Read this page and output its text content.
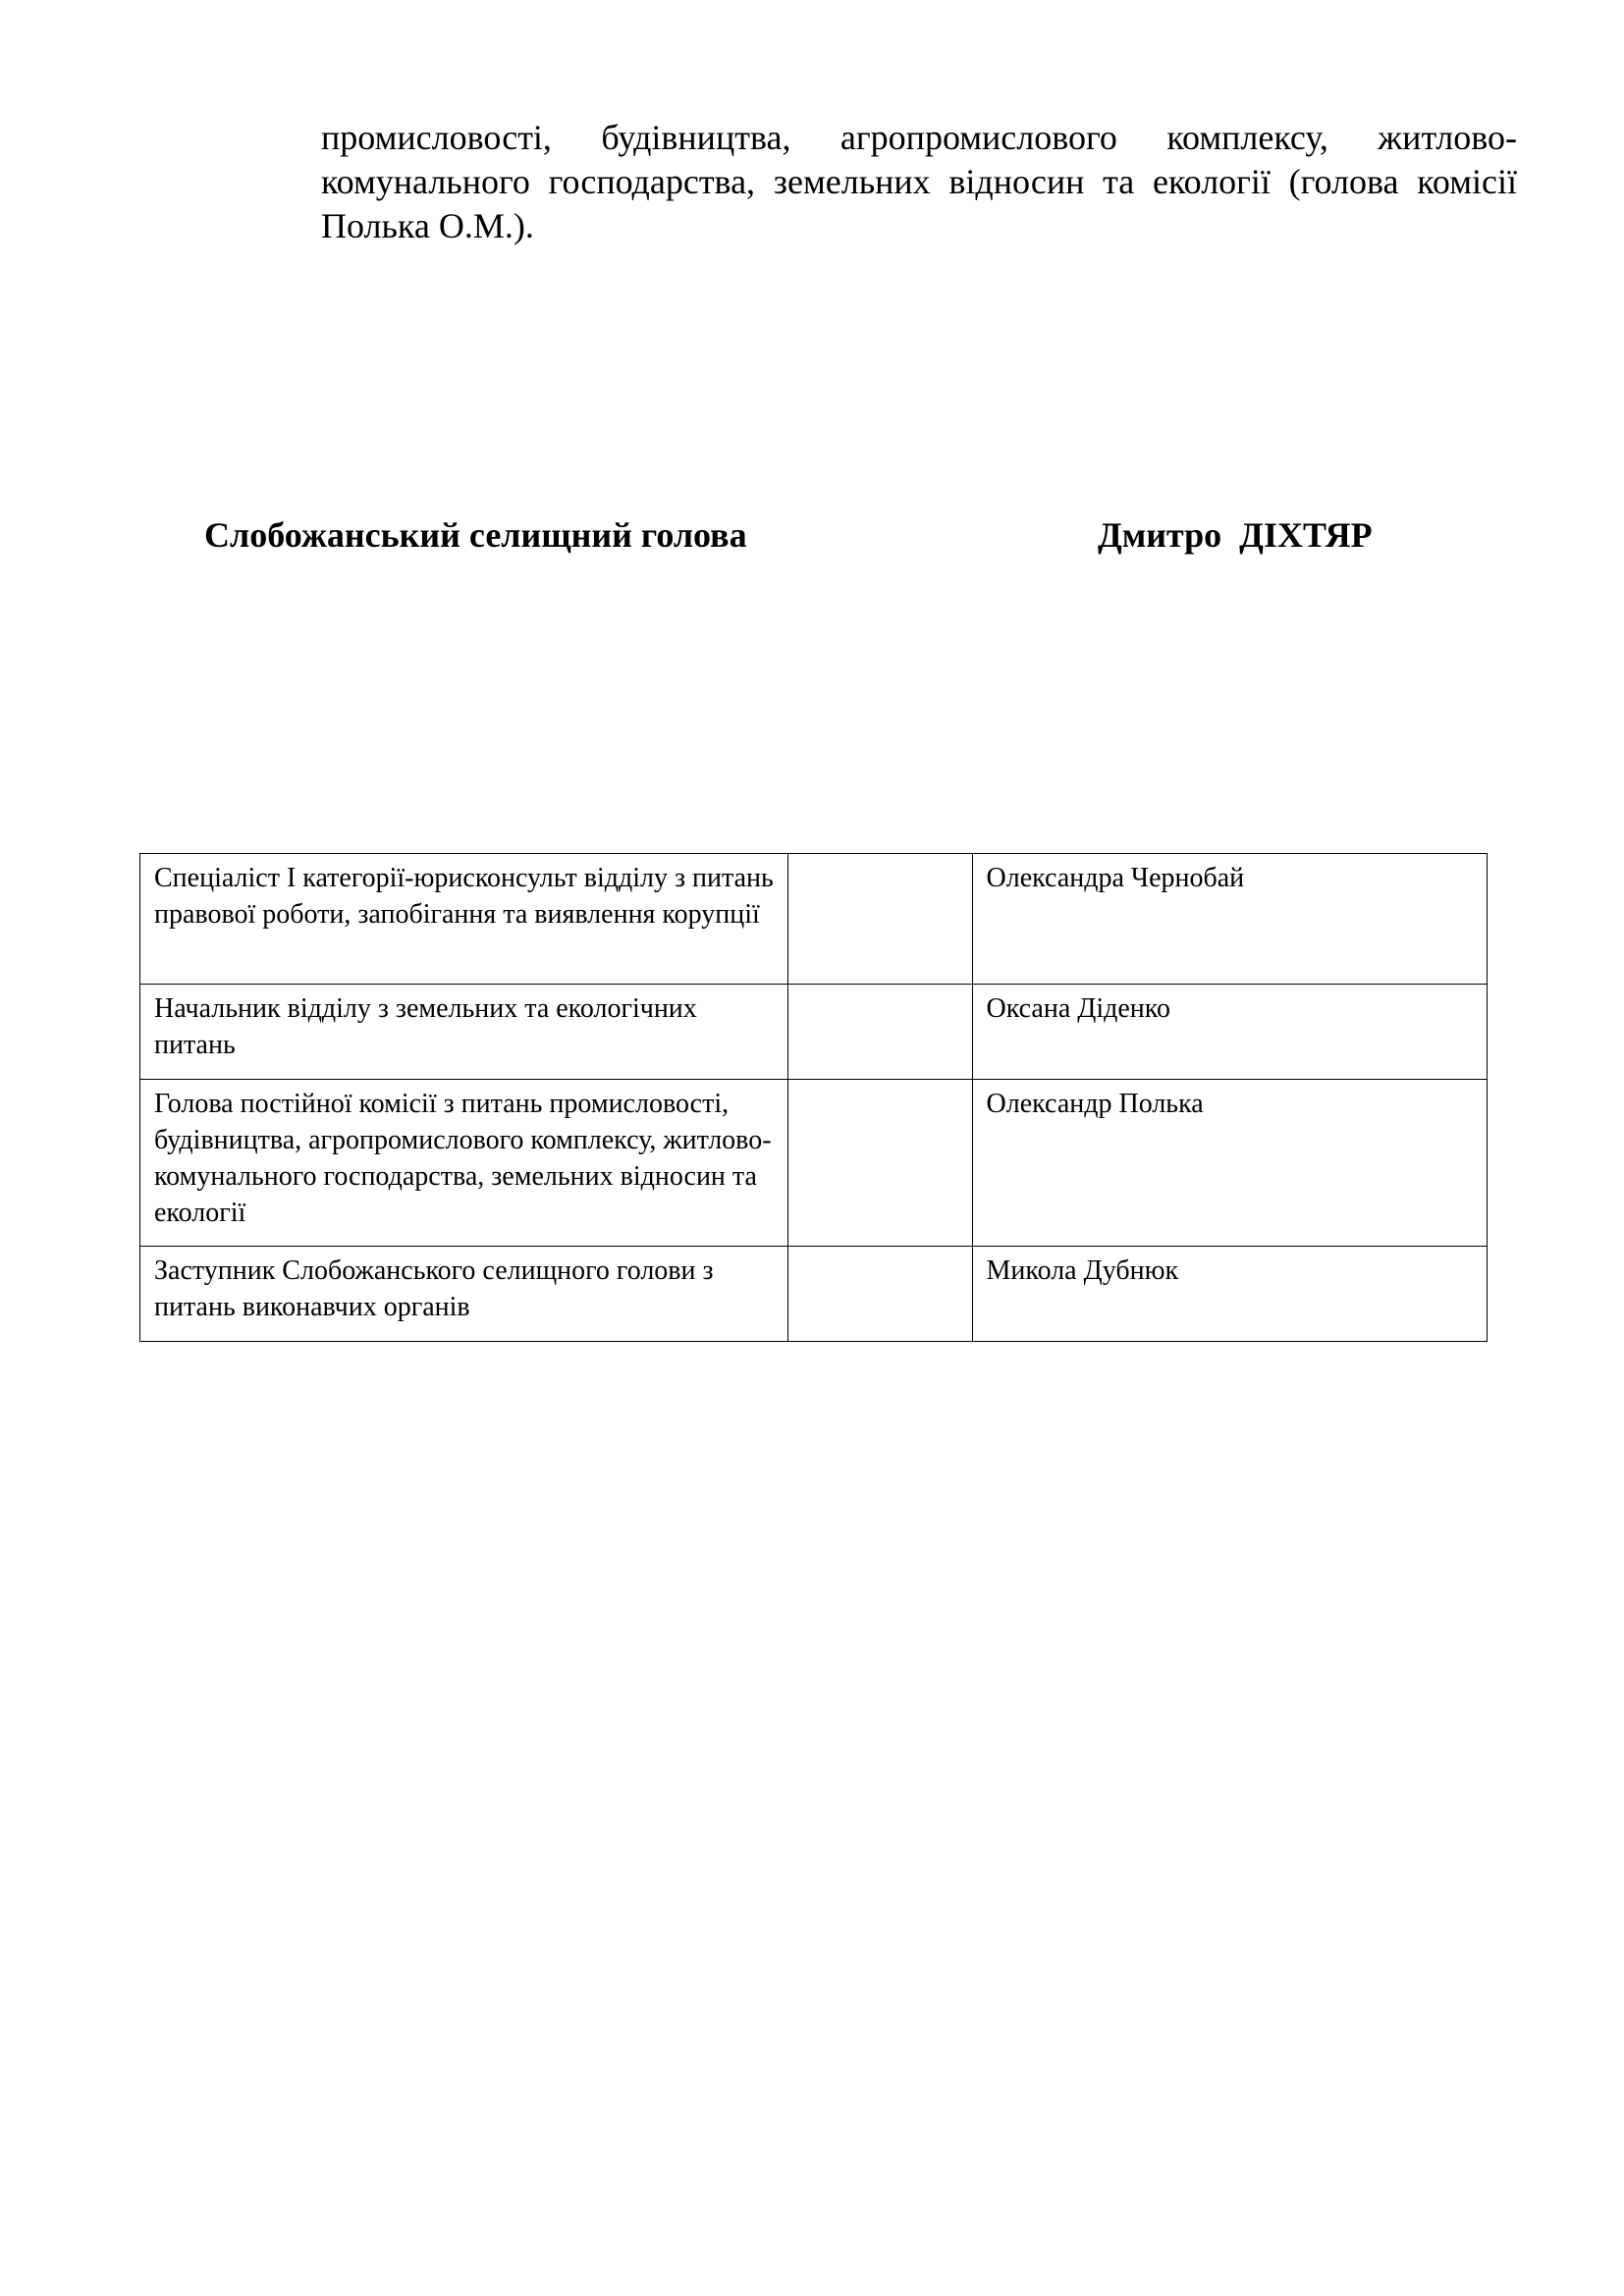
промисловості, будівництва, агропромислового комплексу, житлово-комунального господарства, земельних відносин та екології (голова комісії Полька О.М.).

Слобожанський селищний голова	Дмитро  ДІХТЯР

Спеціаліст І категорії-юрисконсульт відділу з питань правової роботи, запобігання та виявлення корупції		Олександра Чернобай
Начальник відділу з земельних та екологічних питань		Оксана Діденко
Голова постійної комісії з питань промисловості, будівництва, агропромислового комплексу, житлово-комунального господарства, земельних відносин та екології		Олександр Полька
Заступник Слобожанського селищного голови з питань виконавчих органів		Микола Дубнюк
